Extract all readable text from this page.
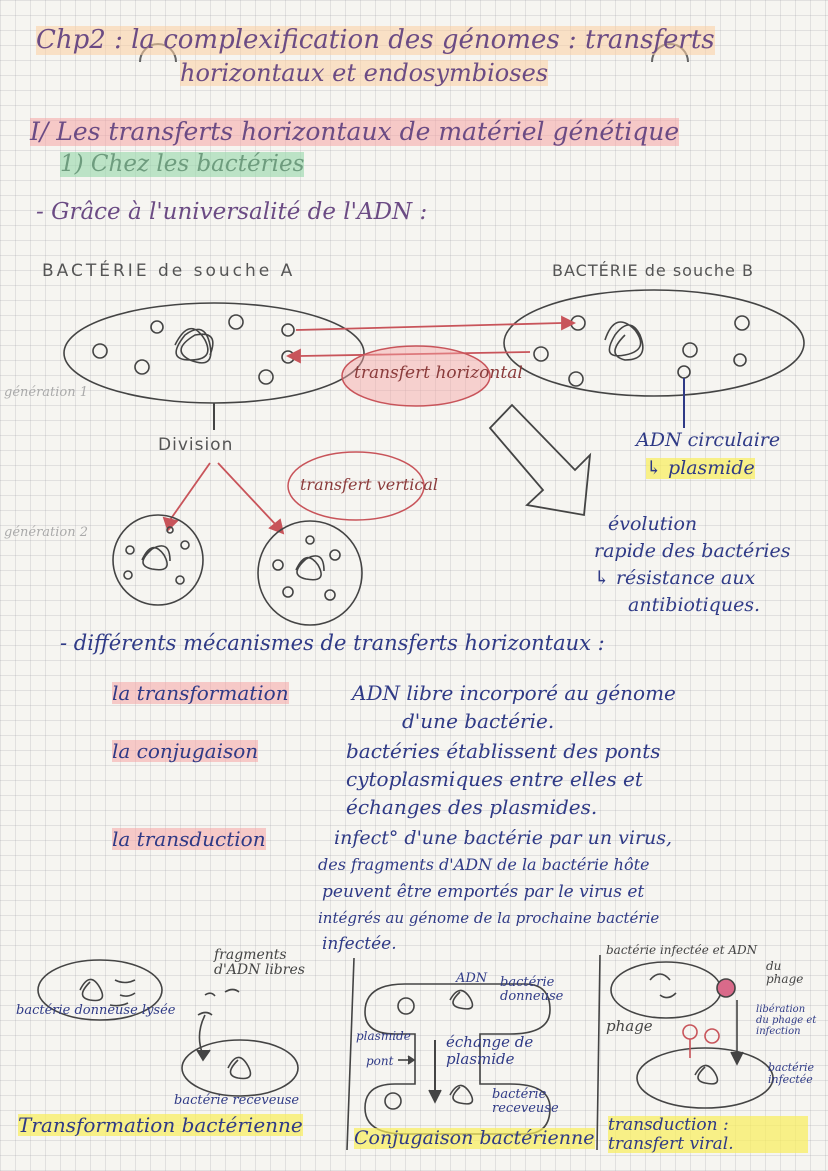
Chp2 : la complexification des génomes : transferts
horizontaux et endosymbioses
I/ Les transferts horizontaux de matériel génétique
1) Chez les bactéries
- Grâce à l'universalité de l'ADN :
BACTÉRIE de souche A	BACTÉRIE de souche B
transfert horizontal
génération 1
Division
transfert vertical
génération 2
ADN circulaire
↳ plasmide
évolution
rapide des bactéries
↳ résistance aux
antibiotiques.
- différents mécanismes de transferts horizontaux :
la transformation	ADN libre incorporé au génome
d'une bactérie.
la conjugaison	bactéries établissent des ponts
cytoplasmiques entre elles et
échanges des plasmides.
la transduction	infect° d'une bactérie par un virus,
des fragments d'ADN de la bactérie hôte
peuvent être emportés par le virus et
intégrés au génome de la prochaine bactérie
infectée.
fragments d'ADN libres
bactérie donneuse lysée
bactérie receveuse
Transformation bactérienne
ADN bactérie donneuse
plasmide
pont
échange de plasmide
bactérie receveuse
Conjugaison bactérienne
bactérie infectée et ADN
du phage
phage
libération du phage et infection
bactérie infectée
transduction : transfert viral.
